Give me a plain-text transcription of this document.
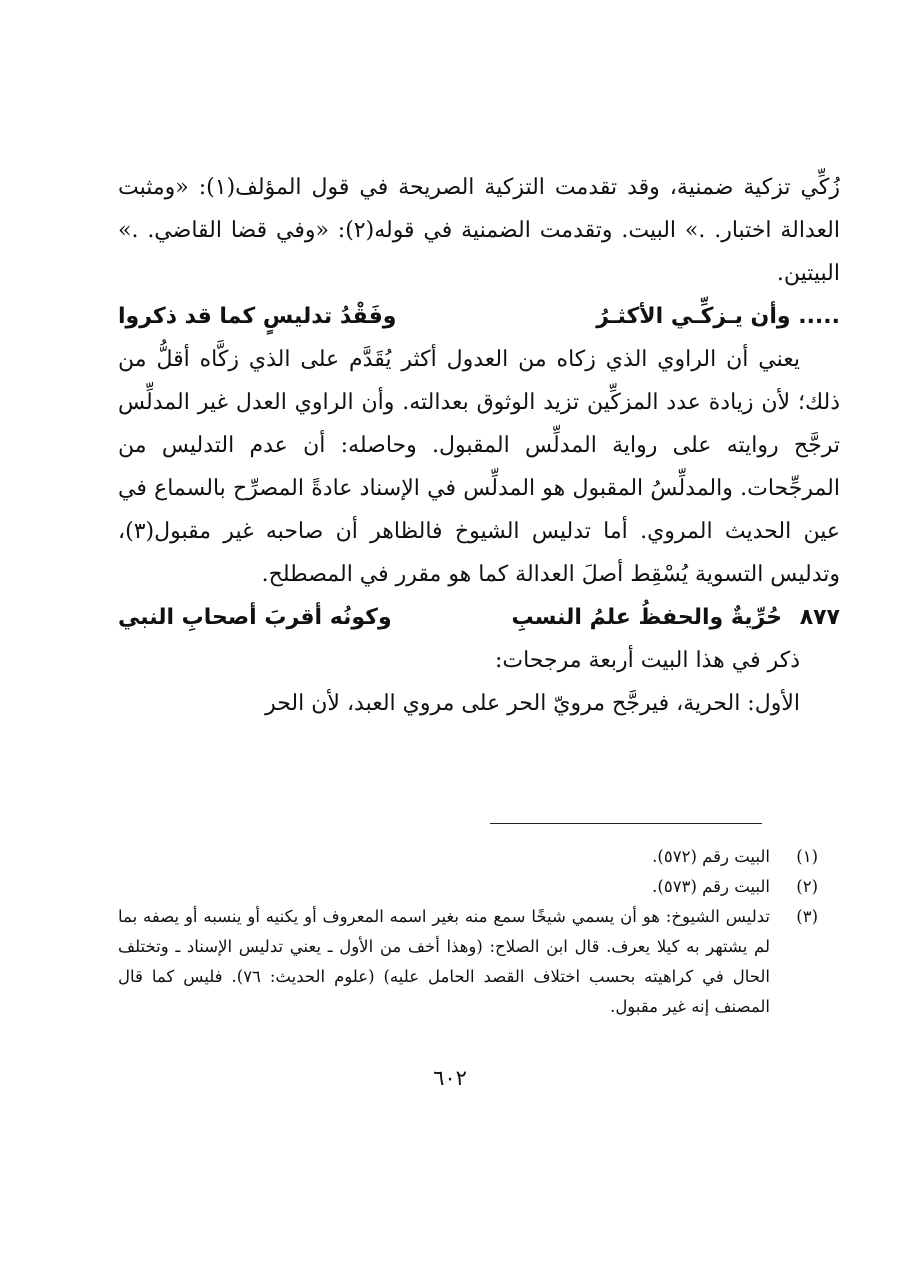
زُكِّي تزكية ضمنية، وقد تقدمت التزكية الصريحة في قول المؤلف(١): «ومثبت العدالة اختبار. .» البيت. وتقدمت الضمنية في قوله(٢): «وفي قضا القاضي. .» البيتين.

..... وأن يـزكِّـي الأكثـرُ
وفَقْدُ تدليسٍ كما قد ذكروا

يعني أن الراوي الذي زكاه من العدول أكثر يُقَدَّم على الذي زكَّاه أقلُّ من ذلك؛ لأن زيادة عدد المزكِّين تزيد الوثوق بعدالته. وأن الراوي العدل غير المدلِّس ترجَّح روايته على رواية المدلِّس المقبول. وحاصله: أن عدم التدليس من المرجِّحات. والمدلِّسُ المقبول هو المدلِّس في الإسناد عادةً المصرِّح بالسماع في عين الحديث المروي. أما تدليس الشيوخ فالظاهر أن صاحبه غير مقبول(٣)، وتدليس التسوية يُسْقِط أصلَ العدالة كما هو مقرر في المصطلح.

٨٧٧ حُرِّيةٌ والحفظُ علمُ النسبِ
وكونُه أقربَ أصحابِ النبي

ذكر في هذا البيت أربعة مرجحات:

الأول: الحرية، فيرجَّح مرويّ الحر على مروي العبد، لأن الحر

(١)
البيت رقم (٥٧٢).
(٢)
البيت رقم (٥٧٣).
(٣)
تدليس الشيوخ: هو أن يسمي شيخًا سمع منه بغير اسمه المعروف أو يكنيه أو ينسبه أو يصفه بما لم يشتهر به كيلا يعرف. قال ابن الصلاح: (وهذا أخف من الأول ـ يعني تدليس الإسناد ـ وتختلف الحال في كراهيته بحسب اختلاف القصد الحامل عليه) (علوم الحديث: ٧٦). فليس كما قال المصنف إنه غير مقبول.
٦٠٢
